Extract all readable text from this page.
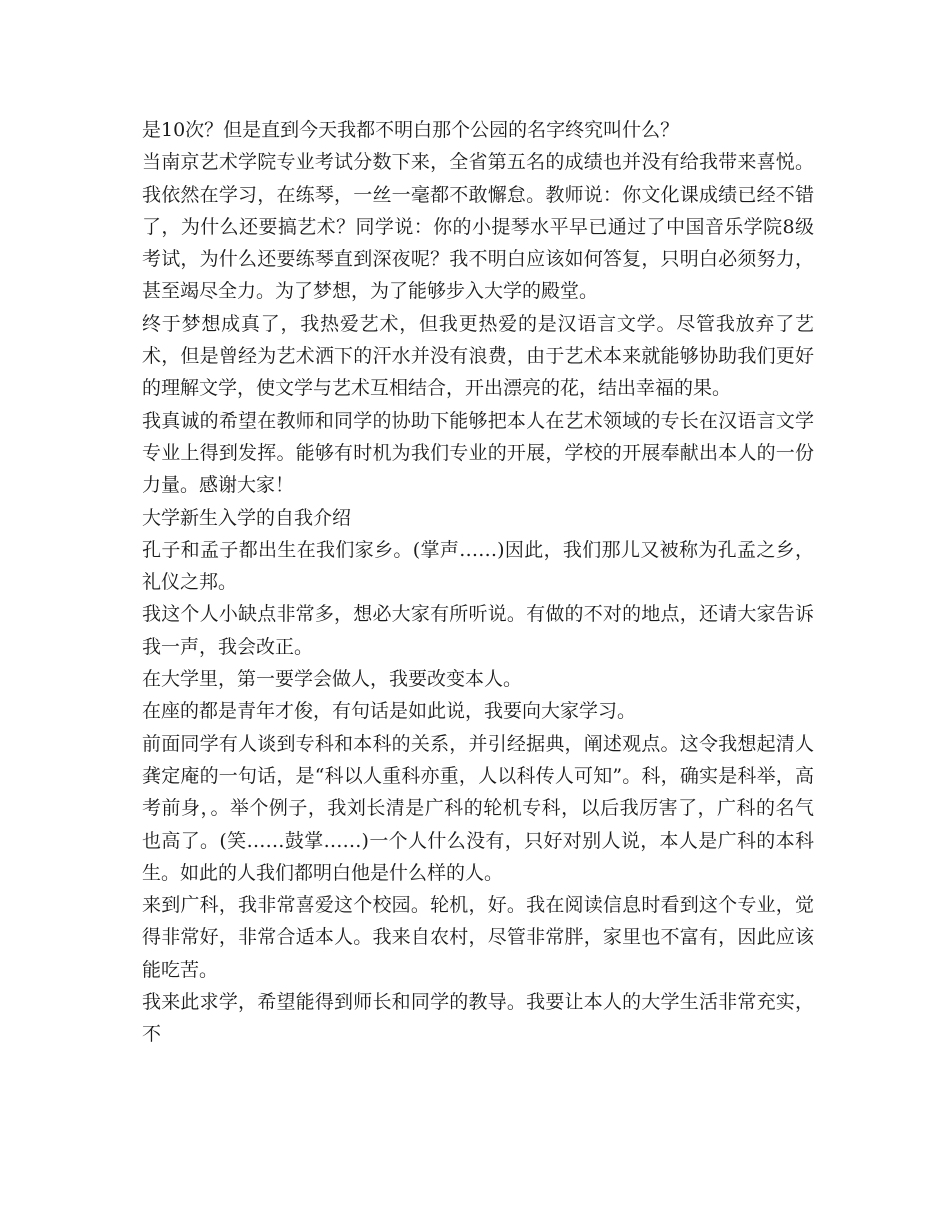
是10次？但是直到今天我都不明白那个公园的名字终究叫什么？

当南京艺术学院专业考试分数下来，全省第五名的成绩也并没有给我带来喜悦。我依然在学习，在练琴，一丝一毫都不敢懈怠。教师说：你文化课成绩已经不错了，为什么还要搞艺术？同学说：你的小提琴水平早已通过了中国音乐学院8级考试，为什么还要练琴直到深夜呢？我不明白应该如何答复，只明白必须努力，甚至竭尽全力。为了梦想，为了能够步入大学的殿堂。

终于梦想成真了，我热爱艺术，但我更热爱的是汉语言文学。尽管我放弃了艺术，但是曾经为艺术洒下的汗水并没有浪费，由于艺术本来就能够协助我们更好的理解文学，使文学与艺术互相结合，开出漂亮的花，结出幸福的果。

我真诚的希望在教师和同学的协助下能够把本人在艺术领域的专长在汉语言文学专业上得到发挥。能够有时机为我们专业的开展，学校的开展奉献出本人的一份力量。感谢大家！

大学新生入学的自我介绍

孔子和孟子都出生在我们家乡。(掌声……)因此，我们那儿又被称为孔孟之乡，礼仪之邦。

我这个人小缺点非常多，想必大家有所听说。有做的不对的地点，还请大家告诉我一声，我会改正。

在大学里，第一要学会做人，我要改变本人。

在座的都是青年才俊，有句话是如此说，我要向大家学习。

前面同学有人谈到专科和本科的关系，并引经据典，阐述观点。这令我想起清人龚定庵的一句话，是“科以人重科亦重，人以科传人可知”。科，确实是科举，高考前身，。举个例子，我刘长清是广科的轮机专科，以后我厉害了，广科的名气也高了。(笑……鼓掌……)一个人什么没有，只好对别人说，本人是广科的本科生。如此的人我们都明白他是什么样的人。

来到广科，我非常喜爱这个校园。轮机，好。我在阅读信息时看到这个专业，觉得非常好，非常合适本人。我来自农村，尽管非常胖，家里也不富有，因此应该能吃苦。

我来此求学，希望能得到师长和同学的教导。我要让本人的大学生活非常充实，不
